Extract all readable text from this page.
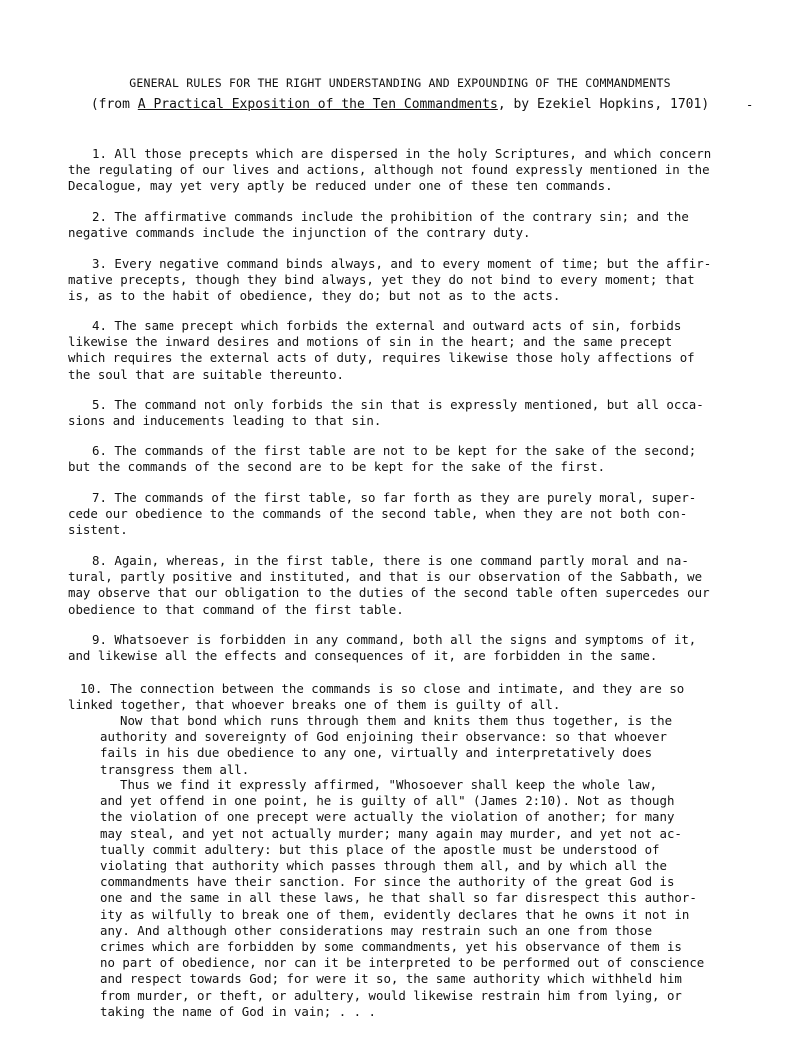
GENERAL RULES FOR THE RIGHT UNDERSTANDING AND EXPOUNDING OF THE COMMANDMENTS
(from A Practical Exposition of the Ten Commandments, by Ezekiel Hopkins, 1701)	-
1. All those precepts which are dispersed in the holy Scriptures, and which concern
the regulating of our lives and actions, although not found expressly mentioned in the
Decalogue, may yet very aptly be reduced under one of these ten commands.
2. The affirmative commands include the prohibition of the contrary sin; and the
negative commands include the injunction of the contrary duty.
3. Every negative command binds always, and to every moment of time; but the affir-
mative precepts, though they bind always, yet they do not bind to every moment; that
is, as to the habit of obedience, they do; but not as to the acts.
4. The same precept which forbids the external and outward acts of sin, forbids
likewise the inward desires and motions of sin in the heart; and the same precept
which requires the external acts of duty, requires likewise those holy affections of
the soul that are suitable thereunto.
5. The command not only forbids the sin that is expressly mentioned, but all occa-
sions and inducements leading to that sin.
6. The commands of the first table are not to be kept for the sake of the second;
but the commands of the second are to be kept for the sake of the first.
7. The commands of the first table, so far forth as they are purely moral, super-
cede our obedience to the commands of the second table, when they are not both con-
sistent.
8. Again, whereas, in the first table, there is one command partly moral and na-
tural, partly positive and instituted, and that is our observation of the Sabbath, we
may observe that our obligation to the duties of the second table often supercedes our
obedience to that command of the first table.
9. Whatsoever is forbidden in any command, both all the signs and symptoms of it,
and likewise all the effects and consequences of it, are forbidden in the same.
10. The connection between the commands is so close and intimate, and they are so
linked together, that whoever breaks one of them is guilty of all.
Now that bond which runs through them and knits them thus together, is the
authority and sovereignty of God enjoining their observance: so that whoever
fails in his due obedience to any one, virtually and interpretatively does
transgress them all.
Thus we find it expressly affirmed, "Whosoever shall keep the whole law,
and yet offend in one point, he is guilty of all" (James 2:10). Not as though
the violation of one precept were actually the violation of another; for many
may steal, and yet not actually murder; many again may murder, and yet not ac-
tually commit adultery: but this place of the apostle must be understood of
violating that authority which passes through them all, and by which all the
commandments have their sanction. For since the authority of the great God is
one and the same in all these laws, he that shall so far disrespect this author-
ity as wilfully to break one of them, evidently declares that he owns it not in
any. And although other considerations may restrain such an one from those
crimes which are forbidden by some commandments, yet his observance of them is
no part of obedience, nor can it be interpreted to be performed out of conscience
and respect towards God; for were it so, the same authority which withheld him
from murder, or theft, or adultery, would likewise restrain him from lying, or
taking the name of God in vain; . . .
